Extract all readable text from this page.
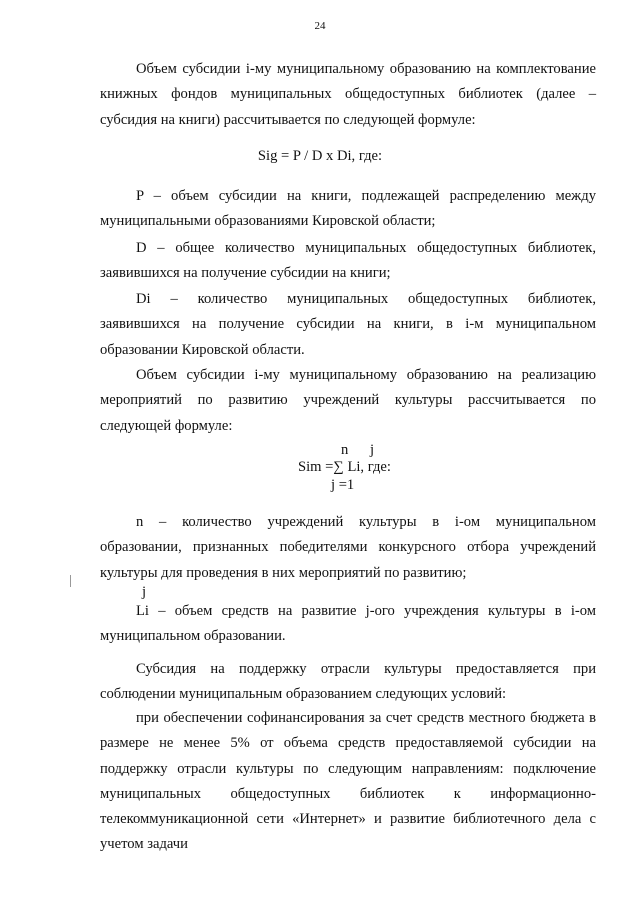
24

Объем субсидии i-му муниципальному образованию на комплектование книжных фондов муниципальных общедоступных библиотек (далее – субсидия на книги) рассчитывается по следующей формуле:

Sig = P / D x Di, где:

P – объем субсидии на книги, подлежащей распределению между муниципальными образованиями Кировской области;

D – общее количество муниципальных общедоступных библиотек, заявившихся на получение субсидии на книги;

Di – количество муниципальных общедоступных библиотек, заявившихся на получение субсидии на книги, в i-м муниципальном образовании Кировской области.

Объем субсидии i-му муниципальному образованию на реализацию мероприятий по развитию учреждений культуры рассчитывается по следующей формуле:

n j
Sim =∑ Li, где:
j =1

n – количество учреждений культуры в i-ом муниципальном образовании, признанных победителями конкурсного отбора учреждений культуры для проведения в них мероприятий по развитию;

j

Li – объем средств на развитие j-ого учреждения культуры в i-ом муниципальном образовании.

Субсидия на поддержку отрасли культуры предоставляется при соблюдении муниципальным образованием следующих условий:

при обеспечении софинансирования за счет средств местного бюджета в размере не менее 5% от объема средств предоставляемой субсидии на поддержку отрасли культуры по следующим направлениям: подключение муниципальных общедоступных библиотек к информационно-телекоммуникационной сети «Интернет» и развитие библиотечного дела с учетом задачи
